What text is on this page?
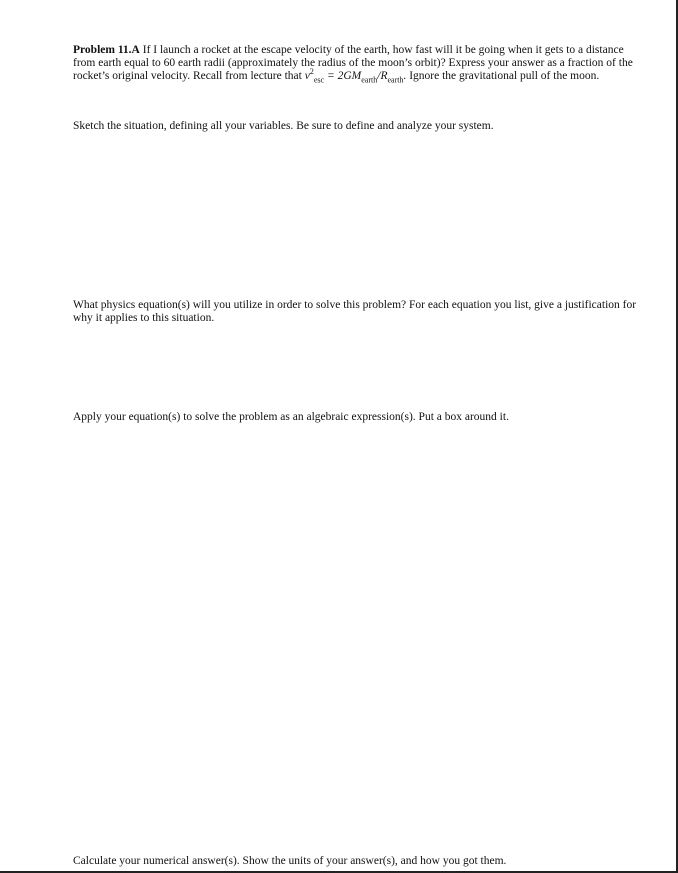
Problem 11.A If I launch a rocket at the escape velocity of the earth, how fast will it be going when it gets to a distance from earth equal to 60 earth radii (approximately the radius of the moon’s orbit)? Express your answer as a fraction of the rocket’s original velocity. Recall from lecture that $v^2_{esc} = 2GM_{earth}/R_{earth}$. Ignore the gravitational pull of the moon.

Sketch the situation, defining all your variables. Be sure to define and analyze your system.

What physics equation(s) will you utilize in order to solve this problem? For each equation you list, give a justification for why it applies to this situation.

Apply your equation(s) to solve the problem as an algebraic expression(s). Put a box around it.

Calculate your numerical answer(s). Show the units of your answer(s), and how you got them.
